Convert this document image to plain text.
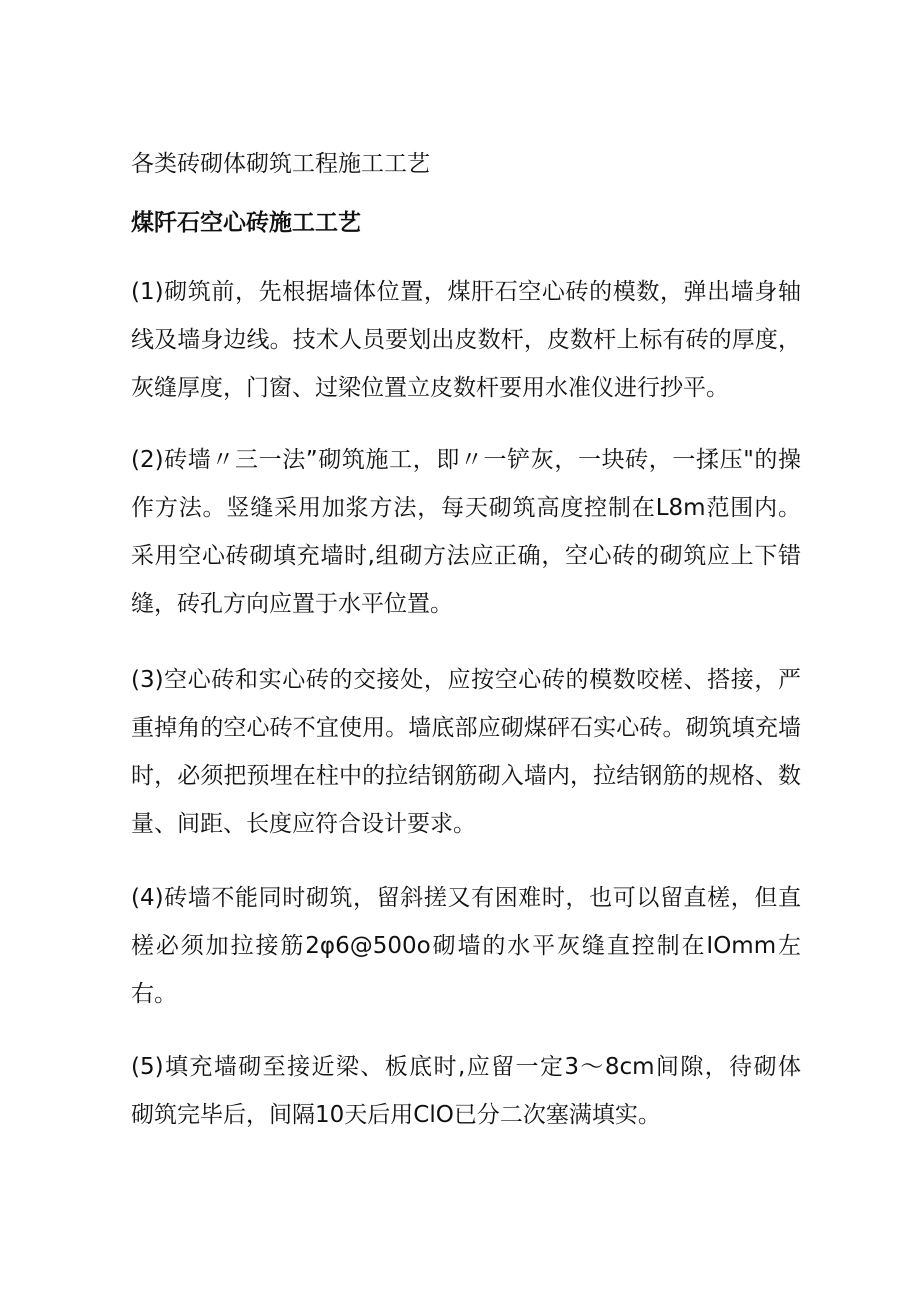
各类砖砌体砌筑工程施工工艺
煤阡石空心砖施工工艺
(1)砌筑前，先根据墙体位置，煤肝石空心砖的模数，弹出墙身轴
线及墙身边线。技术人员要划出皮数杆，皮数杆上标有砖的厚度，
灰缝厚度，门窗、过梁位置立皮数杆要用水准仪进行抄平。
(2)砖墙〃三一法”砌筑施工，即〃一铲灰，一块砖，一揉压"的操
作方法。竖缝采用加浆方法，每天砌筑高度控制在L8m范围内。
采用空心砖砌填充墙时,组砌方法应正确，空心砖的砌筑应上下错
缝，砖孔方向应置于水平位置。
(3)空心砖和实心砖的交接处，应按空心砖的模数咬槎、搭接，严
重掉角的空心砖不宜使用。墙底部应砌煤砰石实心砖。砌筑填充墙
时，必须把预埋在柱中的拉结钢筋砌入墙内，拉结钢筋的规格、数
量、间距、长度应符合设计要求。
(4)砖墙不能同时砌筑，留斜搓又有困难时，也可以留直槎，但直
槎必须加拉接筋2φ6@500o砌墙的水平灰缝直控制在IOmm左
右。
(5)填充墙砌至接近梁、板底时,应留一定3〜8cm间隙，待砌体
砌筑完毕后，间隔10天后用ClO已分二次塞满填实。
